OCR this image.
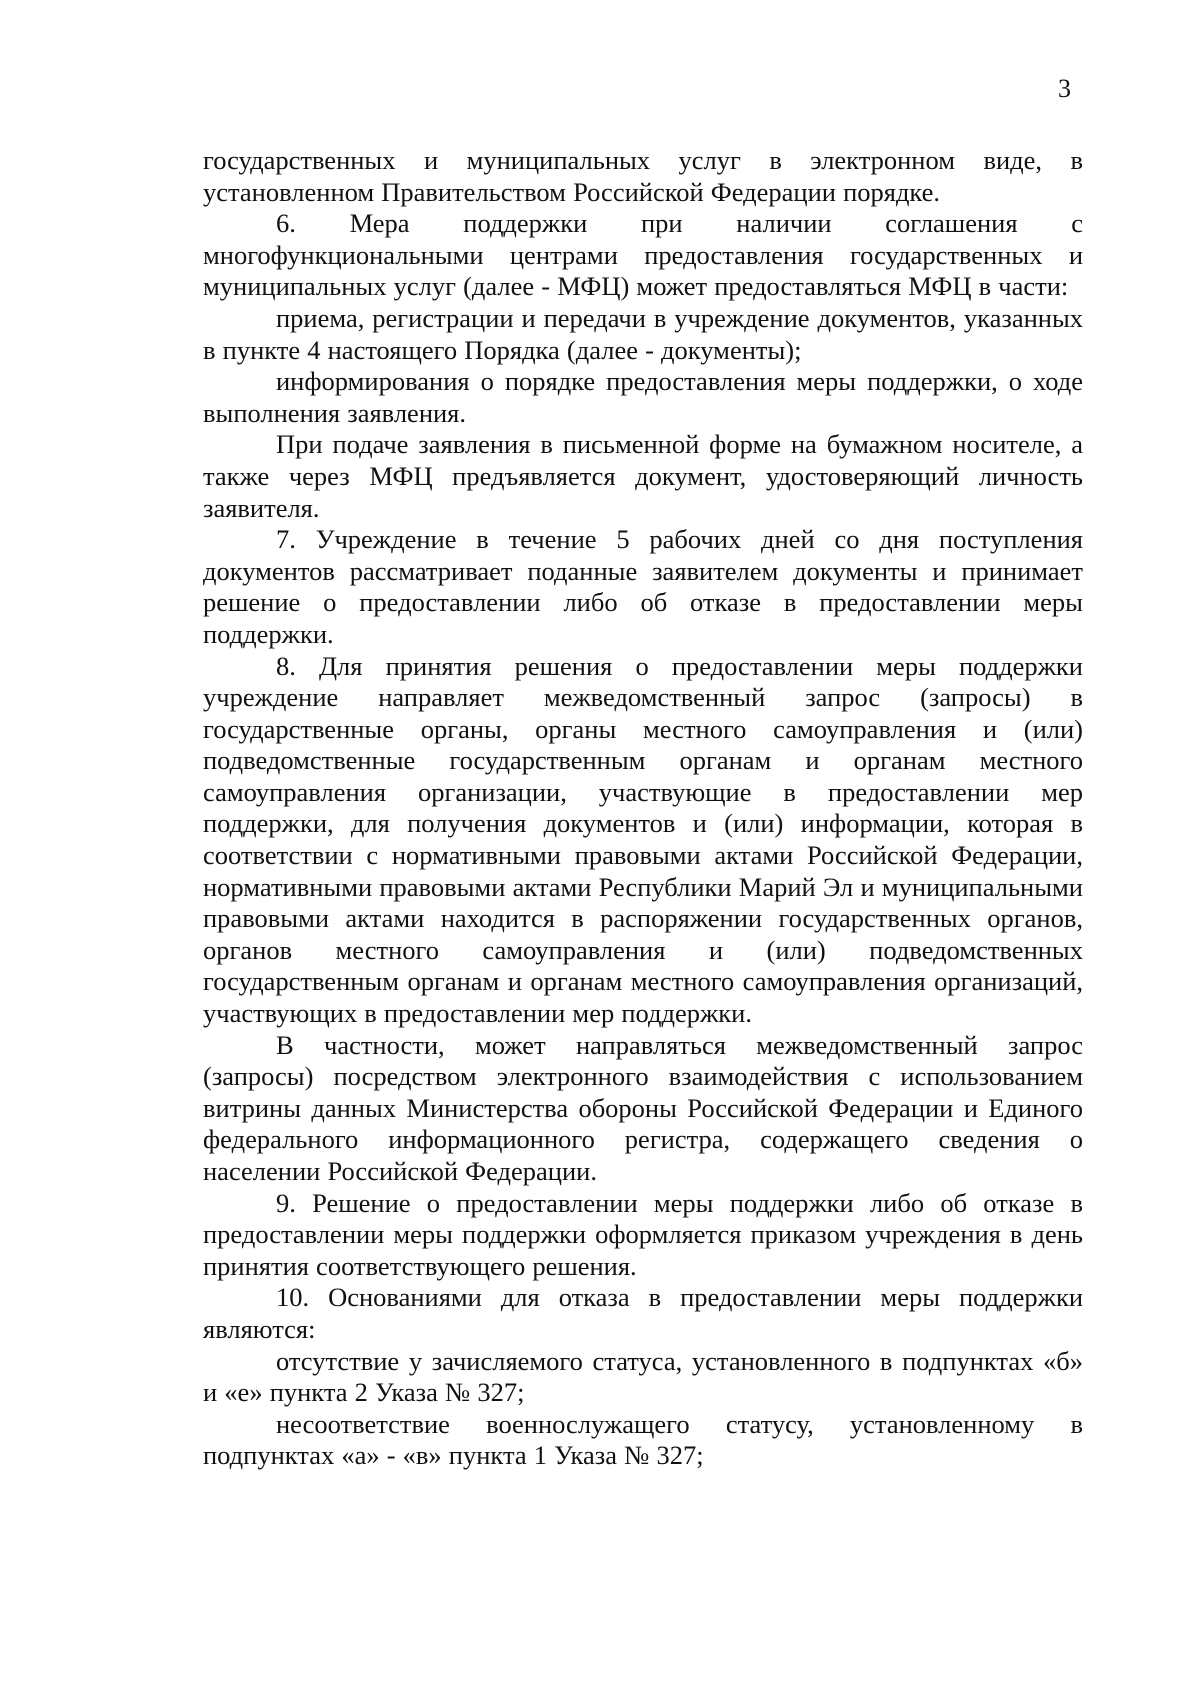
3

государственных и муниципальных услуг в электронном виде, в установленном Правительством Российской Федерации порядке.

6. Мера поддержки при наличии соглашения с многофункциональными центрами предоставления государственных и муниципальных услуг (далее - МФЦ) может предоставляться МФЦ в части:

приема, регистрации и передачи в учреждение документов, указанных в пункте 4 настоящего Порядка (далее - документы);

информирования о порядке предоставления меры поддержки, о ходе выполнения заявления.

При подаче заявления в письменной форме на бумажном носителе, а также через МФЦ предъявляется документ, удостоверяющий личность заявителя.

7. Учреждение в течение 5 рабочих дней со дня поступления документов рассматривает поданные заявителем документы и принимает решение о предоставлении либо об отказе в предоставлении меры поддержки.

8. Для принятия решения о предоставлении меры поддержки учреждение направляет межведомственный запрос (запросы) в государственные органы, органы местного самоуправления и (или) подведомственные государственным органам и органам местного самоуправления организации, участвующие в предоставлении мер поддержки, для получения документов и (или) информации, которая в соответствии с нормативными правовыми актами Российской Федерации, нормативными правовыми актами Республики Марий Эл и муниципальными правовыми актами находится в распоряжении государственных органов, органов местного самоуправления и (или) подведомственных государственным органам и органам местного самоуправления организаций, участвующих в предоставлении мер поддержки.

В частности, может направляться межведомственный запрос (запросы) посредством электронного взаимодействия с использованием витрины данных Министерства обороны Российской Федерации и Единого федерального информационного регистра, содержащего сведения о населении Российской Федерации.

9. Решение о предоставлении меры поддержки либо об отказе в предоставлении меры поддержки оформляется приказом учреждения в день принятия соответствующего решения.

10. Основаниями для отказа в предоставлении меры поддержки являются:

отсутствие у зачисляемого статуса, установленного в подпунктах «б» и «е» пункта 2 Указа № 327;

несоответствие военнослужащего статусу, установленному в подпунктах «а» - «в» пункта 1 Указа № 327;
